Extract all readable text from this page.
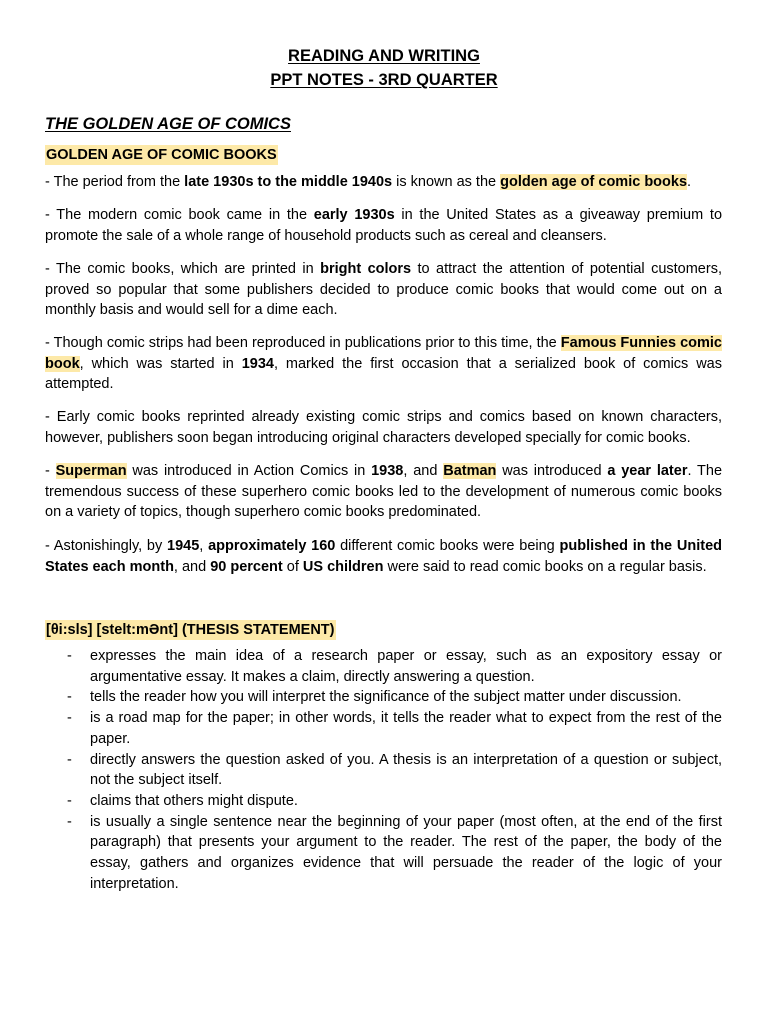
READING AND WRITING
PPT NOTES - 3RD QUARTER
THE GOLDEN AGE OF COMICS
GOLDEN AGE OF COMIC BOOKS
- The period from the late 1930s to the middle 1940s is known as the golden age of comic books.
- The modern comic book came in the early 1930s in the United States as a giveaway premium to promote the sale of a whole range of household products such as cereal and cleansers.
- The comic books, which are printed in bright colors to attract the attention of potential customers, proved so popular that some publishers decided to produce comic books that would come out on a monthly basis and would sell for a dime each.
- Though comic strips had been reproduced in publications prior to this time, the Famous Funnies comic book, which was started in 1934, marked the first occasion that a serialized book of comics was attempted.
- Early comic books reprinted already existing comic strips and comics based on known characters, however, publishers soon began introducing original characters developed specially for comic books.
- Superman was introduced in Action Comics in 1938, and Batman was introduced a year later. The tremendous success of these superhero comic books led to the development of numerous comic books on a variety of topics, though superhero comic books predominated.
- Astonishingly, by 1945, approximately 160 different comic books were being published in the United States each month, and 90 percent of US children were said to read comic books on a regular basis.
[θi:sls] [stelt:mƏnt] (THESIS STATEMENT)
- expresses the main idea of a research paper or essay, such as an expository essay or argumentative essay. It makes a claim, directly answering a question.
- tells the reader how you will interpret the significance of the subject matter under discussion.
- is a road map for the paper; in other words, it tells the reader what to expect from the rest of the paper.
- directly answers the question asked of you. A thesis is an interpretation of a question or subject, not the subject itself.
- claims that others might dispute.
- is usually a single sentence near the beginning of your paper (most often, at the end of the first paragraph) that presents your argument to the reader. The rest of the paper, the body of the essay, gathers and organizes evidence that will persuade the reader of the logic of your interpretation.
